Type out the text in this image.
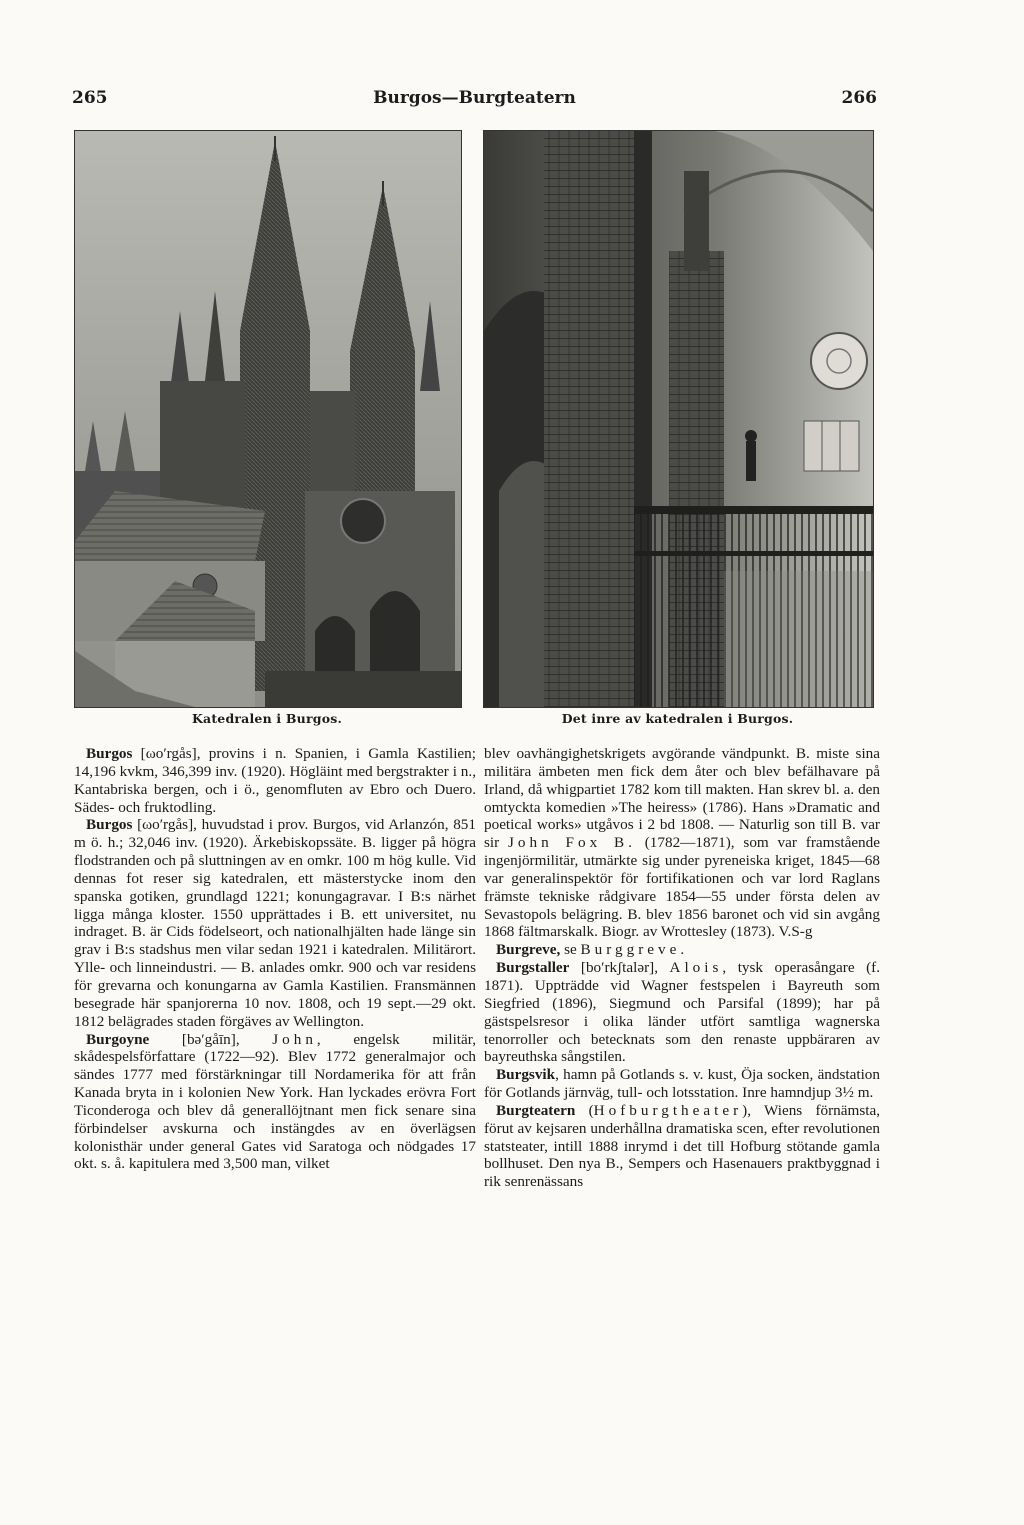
265	Burgos—Burgteatern	266
Katedralen i Burgos.	Det inre av katedralen i Burgos.

Burgos [ωo′rgås], provins i n. Spanien, i Gamla Kastilien; 14,196 kvkm, 346,399 inv. (1920). Högläint med bergstrakter i n., Kantabriska bergen, och i ö., genomfluten av Ebro och Duero. Sädes- och fruktodling.

Burgos [ωo′rgås], huvudstad i prov. Burgos, vid Arlanzón, 851 m ö. h.; 32,046 inv. (1920). Ärkebiskopssäte. B. ligger på högra flodstranden och på sluttningen av en omkr. 100 m hög kulle. Vid dennas fot reser sig katedralen, ett mästerstycke inom den spanska gotiken, grundlagd 1221; konungagravar. I B:s närhet ligga många kloster. 1550 upprättades i B. ett universitet, nu indraget. B. är Cids födelseort, och nationalhjälten hade länge sin grav i B:s stadshus men vilar sedan 1921 i katedralen. Militärort. Ylle- och linneindustri. — B. anlades omkr. 900 och var residens för grevarna och konungarna av Gamla Kastilien. Fransmännen besegrade här spanjorerna 10 nov. 1808, och 19 sept.—29 okt. 1812 belägrades staden förgäves av Wellington.

Burgoyne [bə′gåīn], John, engelsk militär, skådespelsförfattare (1722—92). Blev 1772 generalmajor och sändes 1777 med förstärkningar till Nordamerika för att från Kanada bryta in i kolonien New York. Han lyckades erövra Fort Ticonderoga och blev då generallöjtnant men fick senare sina förbindelser avskurna och instängdes av en överlägsen kolonisthär under general Gates vid Saratoga och nödgades 17 okt. s. å. kapitulera med 3,500 man, vilket

blev oavhängighetskrigets avgörande vändpunkt. B. miste sina militära ämbeten men fick dem åter och blev befälhavare på Irland, då whigpartiet 1782 kom till makten. Han skrev bl. a. den omtyckta komedien »The heiress» (1786). Hans »Dramatic and poetical works» utgåvos i 2 bd 1808. — Naturlig son till B. var sir John Fox B. (1782—1871), som var framstående ingenjörmilitär, utmärkte sig under pyreneiska kriget, 1845—68 var generalinspektör för fortifikationen och var lord Raglans främste tekniske rådgivare 1854—55 under första delen av Sevastopols belägring. B. blev 1856 baronet och vid sin avgång 1868 fältmarskalk. Biogr. av Wrottesley (1873). V.S-g

Burgreve, se Burggreve.

Burgstaller [bo′rkʃtalər], Alois, tysk operasångare (f. 1871). Uppträdde vid Wagner festspelen i Bayreuth som Siegfried (1896), Siegmund och Parsifal (1899); har på gästspelsresor i olika länder utfört samtliga wagnerska tenorroller och betecknats som den renaste uppbäraren av bayreuthska sångstilen.

Burgsvik, hamn på Gotlands s. v. kust, Öja socken, ändstation för Gotlands järnväg, tull- och lotsstation. Inre hamndjup 3½ m.

Burgteatern (Hofburgtheater), Wiens förnämsta, förut av kejsaren underhållna dramatiska scen, efter revolutionen statsteater, intill 1888 inrymd i det till Hofburg stötande gamla bollhuset. Den nya B., Sempers och Hasenauers praktbyggnad i rik senrenässans
